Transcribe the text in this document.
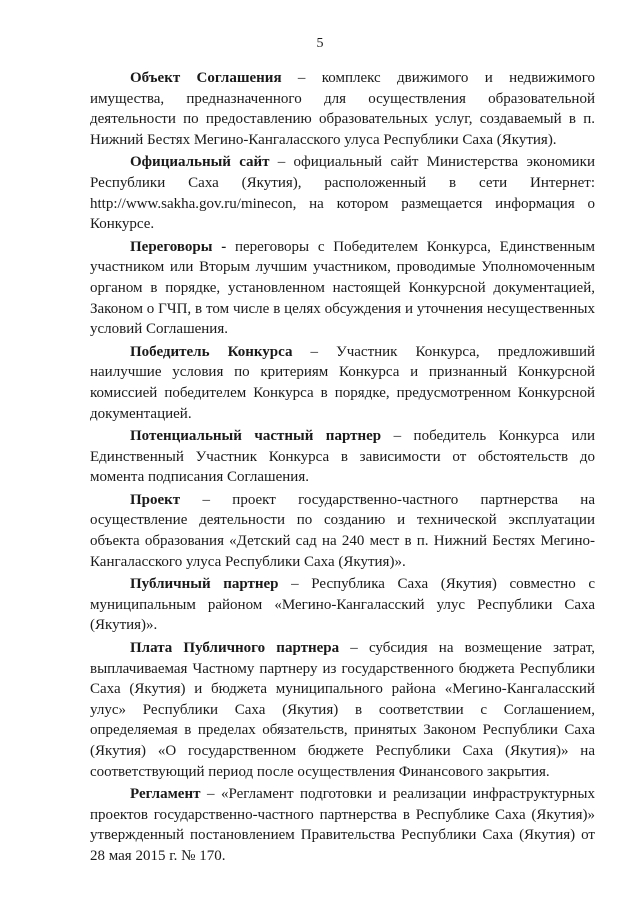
5

Объект Соглашения – комплекс движимого и недвижимого имущества, предназначенного для осуществления образовательной деятельности по предоставлению образовательных услуг, создаваемый в п. Нижний Бестях Мегино-Кангаласского улуса Республики Саха (Якутия).

Официальный сайт – официальный сайт Министерства экономики Республики Саха (Якутия), расположенный в сети Интернет: http://www.sakha.gov.ru/minecon, на котором размещается информация о Конкурсе.

Переговоры - переговоры с Победителем Конкурса, Единственным участником или Вторым лучшим участником, проводимые Уполномоченным органом в порядке, установленном настоящей Конкурсной документацией, Законом о ГЧП, в том числе в целях обсуждения и уточнения несущественных условий Соглашения.

Победитель Конкурса – Участник Конкурса, предложивший наилучшие условия по критериям Конкурса и признанный Конкурсной комиссией победителем Конкурса в порядке, предусмотренном Конкурсной документацией.

Потенциальный частный партнер – победитель Конкурса или Единственный Участник Конкурса в зависимости от обстоятельств до момента подписания Соглашения.

Проект – проект государственно-частного партнерства на осуществление деятельности по созданию и технической эксплуатации объекта образования «Детский сад на 240 мест в п. Нижний Бестях Мегино-Кангаласского улуса Республики Саха (Якутия)».

Публичный партнер – Республика Саха (Якутия) совместно с муниципальным районом «Мегино-Кангаласский улус Республики Саха (Якутия)».

Плата Публичного партнера – субсидия на возмещение затрат, выплачиваемая Частному партнеру из государственного бюджета Республики Саха (Якутия) и бюджета муниципального района «Мегино-Кангаласский улус» Республики Саха (Якутия) в соответствии с Соглашением, определяемая в пределах обязательств, принятых Законом Республики Саха (Якутия) «О государственном бюджете Республики Саха (Якутия)» на соответствующий период после осуществления Финансового закрытия.

Регламент – «Регламент подготовки и реализации инфраструктурных проектов государственно-частного партнерства в Республике Саха (Якутия)» утвержденный постановлением Правительства Республики Саха (Якутия) от 28 мая 2015 г. № 170.
